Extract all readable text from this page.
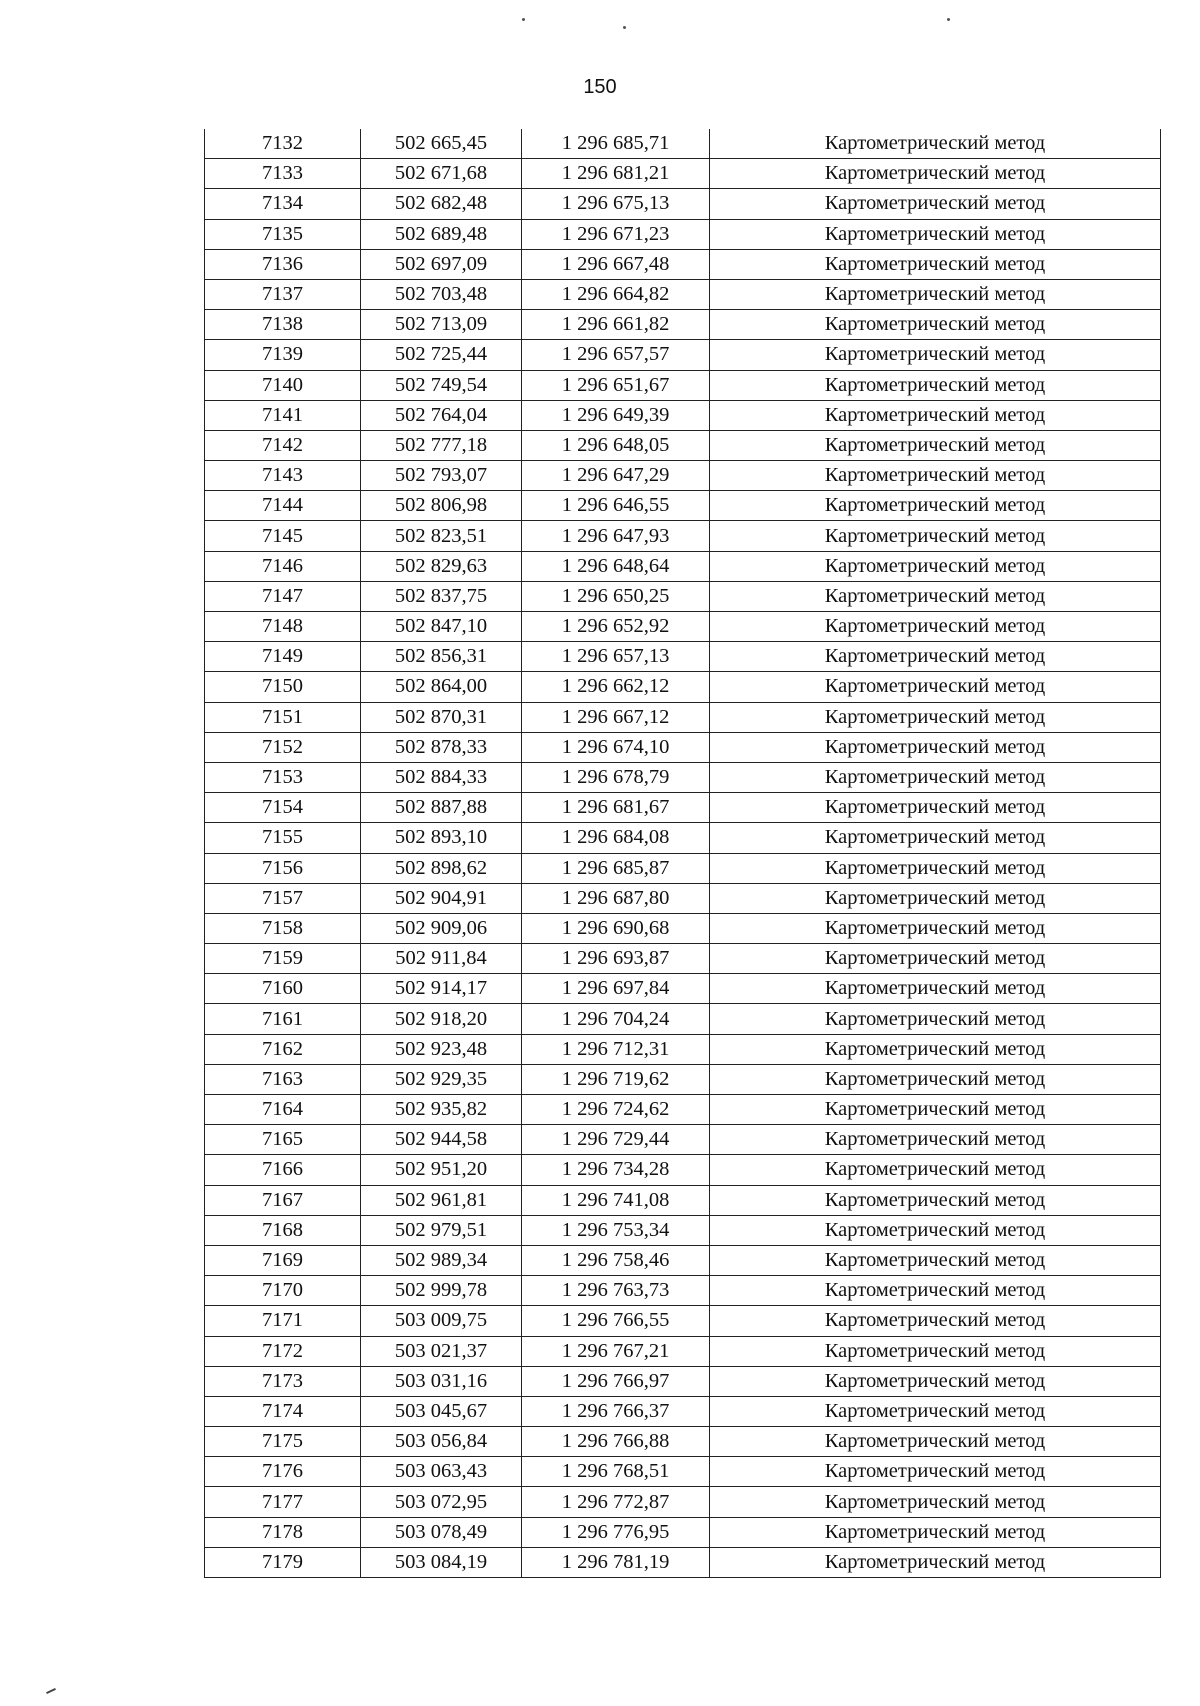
150
7132	502 665,45	1 296 685,71	Картометрический метод
7133	502 671,68	1 296 681,21	Картометрический метод
7134	502 682,48	1 296 675,13	Картометрический метод
7135	502 689,48	1 296 671,23	Картометрический метод
7136	502 697,09	1 296 667,48	Картометрический метод
7137	502 703,48	1 296 664,82	Картометрический метод
7138	502 713,09	1 296 661,82	Картометрический метод
7139	502 725,44	1 296 657,57	Картометрический метод
7140	502 749,54	1 296 651,67	Картометрический метод
7141	502 764,04	1 296 649,39	Картометрический метод
7142	502 777,18	1 296 648,05	Картометрический метод
7143	502 793,07	1 296 647,29	Картометрический метод
7144	502 806,98	1 296 646,55	Картометрический метод
7145	502 823,51	1 296 647,93	Картометрический метод
7146	502 829,63	1 296 648,64	Картометрический метод
7147	502 837,75	1 296 650,25	Картометрический метод
7148	502 847,10	1 296 652,92	Картометрический метод
7149	502 856,31	1 296 657,13	Картометрический метод
7150	502 864,00	1 296 662,12	Картометрический метод
7151	502 870,31	1 296 667,12	Картометрический метод
7152	502 878,33	1 296 674,10	Картометрический метод
7153	502 884,33	1 296 678,79	Картометрический метод
7154	502 887,88	1 296 681,67	Картометрический метод
7155	502 893,10	1 296 684,08	Картометрический метод
7156	502 898,62	1 296 685,87	Картометрический метод
7157	502 904,91	1 296 687,80	Картометрический метод
7158	502 909,06	1 296 690,68	Картометрический метод
7159	502 911,84	1 296 693,87	Картометрический метод
7160	502 914,17	1 296 697,84	Картометрический метод
7161	502 918,20	1 296 704,24	Картометрический метод
7162	502 923,48	1 296 712,31	Картометрический метод
7163	502 929,35	1 296 719,62	Картометрический метод
7164	502 935,82	1 296 724,62	Картометрический метод
7165	502 944,58	1 296 729,44	Картометрический метод
7166	502 951,20	1 296 734,28	Картометрический метод
7167	502 961,81	1 296 741,08	Картометрический метод
7168	502 979,51	1 296 753,34	Картометрический метод
7169	502 989,34	1 296 758,46	Картометрический метод
7170	502 999,78	1 296 763,73	Картометрический метод
7171	503 009,75	1 296 766,55	Картометрический метод
7172	503 021,37	1 296 767,21	Картометрический метод
7173	503 031,16	1 296 766,97	Картометрический метод
7174	503 045,67	1 296 766,37	Картометрический метод
7175	503 056,84	1 296 766,88	Картометрический метод
7176	503 063,43	1 296 768,51	Картометрический метод
7177	503 072,95	1 296 772,87	Картометрический метод
7178	503 078,49	1 296 776,95	Картометрический метод
7179	503 084,19	1 296 781,19	Картометрический метод
